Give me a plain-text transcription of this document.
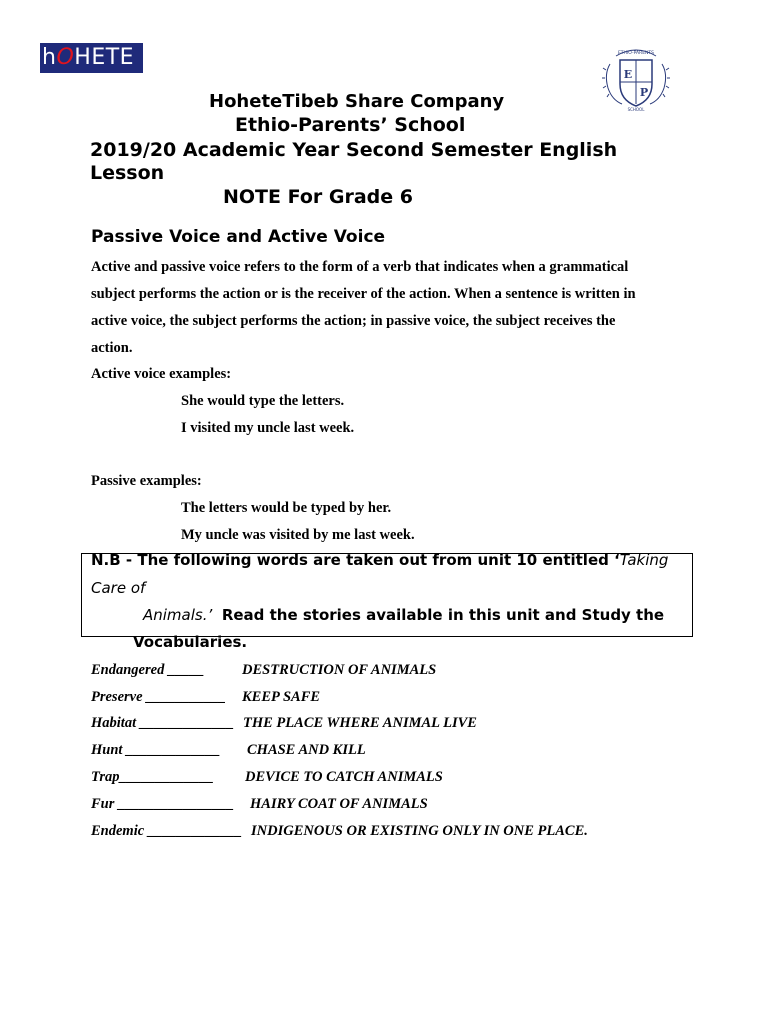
hOHETE	ETHIO-PARENTS
E
P
SCHOOL
HoheteTibeb Share Company
Ethio-Parents’ School
2019/20 Academic Year Second Semester English
Lesson
NOTE For Grade 6
Passive Voice and Active Voice
Active and passive voice refers to the form of a verb that indicates when a grammatical
subject performs the action or is the receiver of the action. When a sentence is written in
active voice, the subject performs the action; in passive voice, the subject receives the
action.
Active voice examples:
She would type the letters.
I visited my uncle last week.
Passive examples:
The letters would be typed by her.
My uncle was visited by me last week.
N.B - The following words are taken out from unit 10 entitled ‘Taking
Care of
Animals.’ Read the stories available in this unit and Study the
Vocabularies.
Endangered _____	DESTRUCTION OF ANIMALS
Preserve ___________ KEEP SAFE
Habitat _____________ THE PLACE WHERE ANIMAL LIVE
Hunt _____________ CHASE AND KILL
Trap_____________ DEVICE TO CATCH ANIMALS
Fur ________________ HAIRY COAT OF ANIMALS
Endemic _____________ INDIGENOUS OR EXISTING ONLY IN ONE PLACE.
